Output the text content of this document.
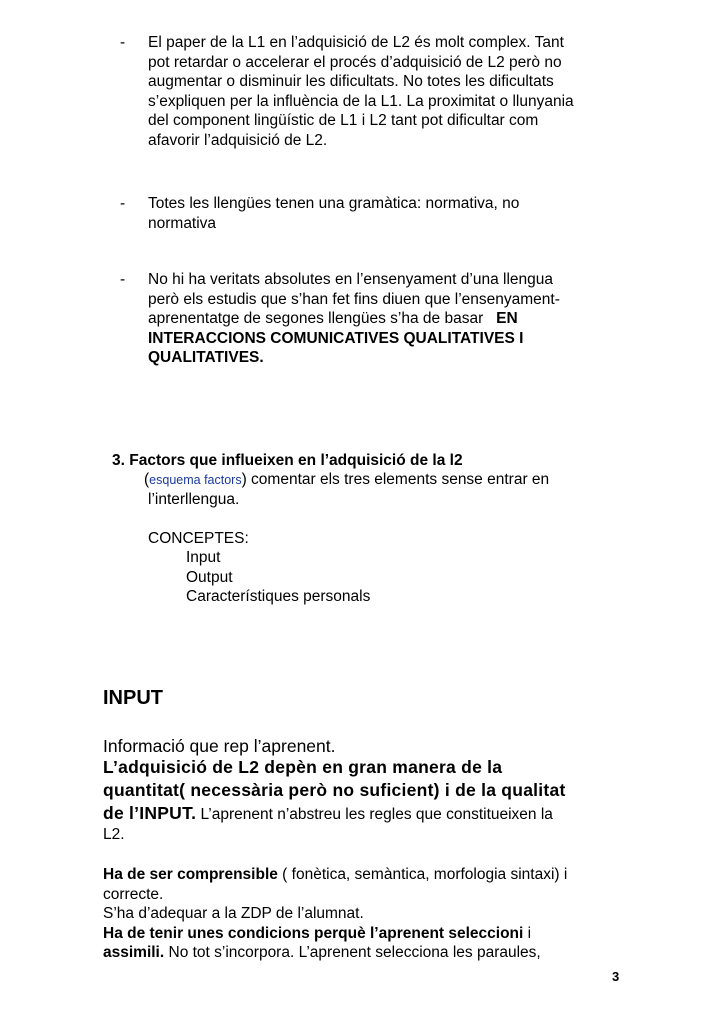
-	El paper de la L1 en l’adquisició de L2 és molt complex. Tant
pot retardar o accelerar el procés d’adquisició de L2 però no
augmentar o disminuir les dificultats. No totes les dificultats
s’expliquen per la influència de la L1. La proximitat o llunyania
del component lingüístic de L1 i L2 tant pot dificultar com
afavorir l’adquisició de L2.
-	Totes les llengües tenen una gramàtica: normativa, no
normativa
-	No hi ha veritats absolutes en l’ensenyament d’una llengua
però els estudis que s’han fet fins diuen que l’ensenyament-
aprenentatge de segones llengües s’ha de basar EN
INTERACCIONS COMUNICATIVES QUALITATIVES I
QUALITATIVES.
3. Factors que influeixen en l’adquisició de la l2
(esquema factors) comentar els tres elements sense entrar en
l’interllengua.
CONCEPTES:
Input
Output
Característiques personals
INPUT
Informació que rep l’aprenent.
L’adquisició de L2 depèn en gran manera de la
quantitat( necessària però no suficient) i de la qualitat
de l’INPUT. L’aprenent n’abstreu les regles que constitueixen la
L2.
Ha de ser comprensible ( fonètica, semàntica, morfologia sintaxi) i
correcte.
S’ha d’adequar a la ZDP de l’alumnat.
Ha de tenir unes condicions perquè l’aprenent seleccioni i
assimili. No tot s’incorpora. L’aprenent selecciona les paraules,
3
